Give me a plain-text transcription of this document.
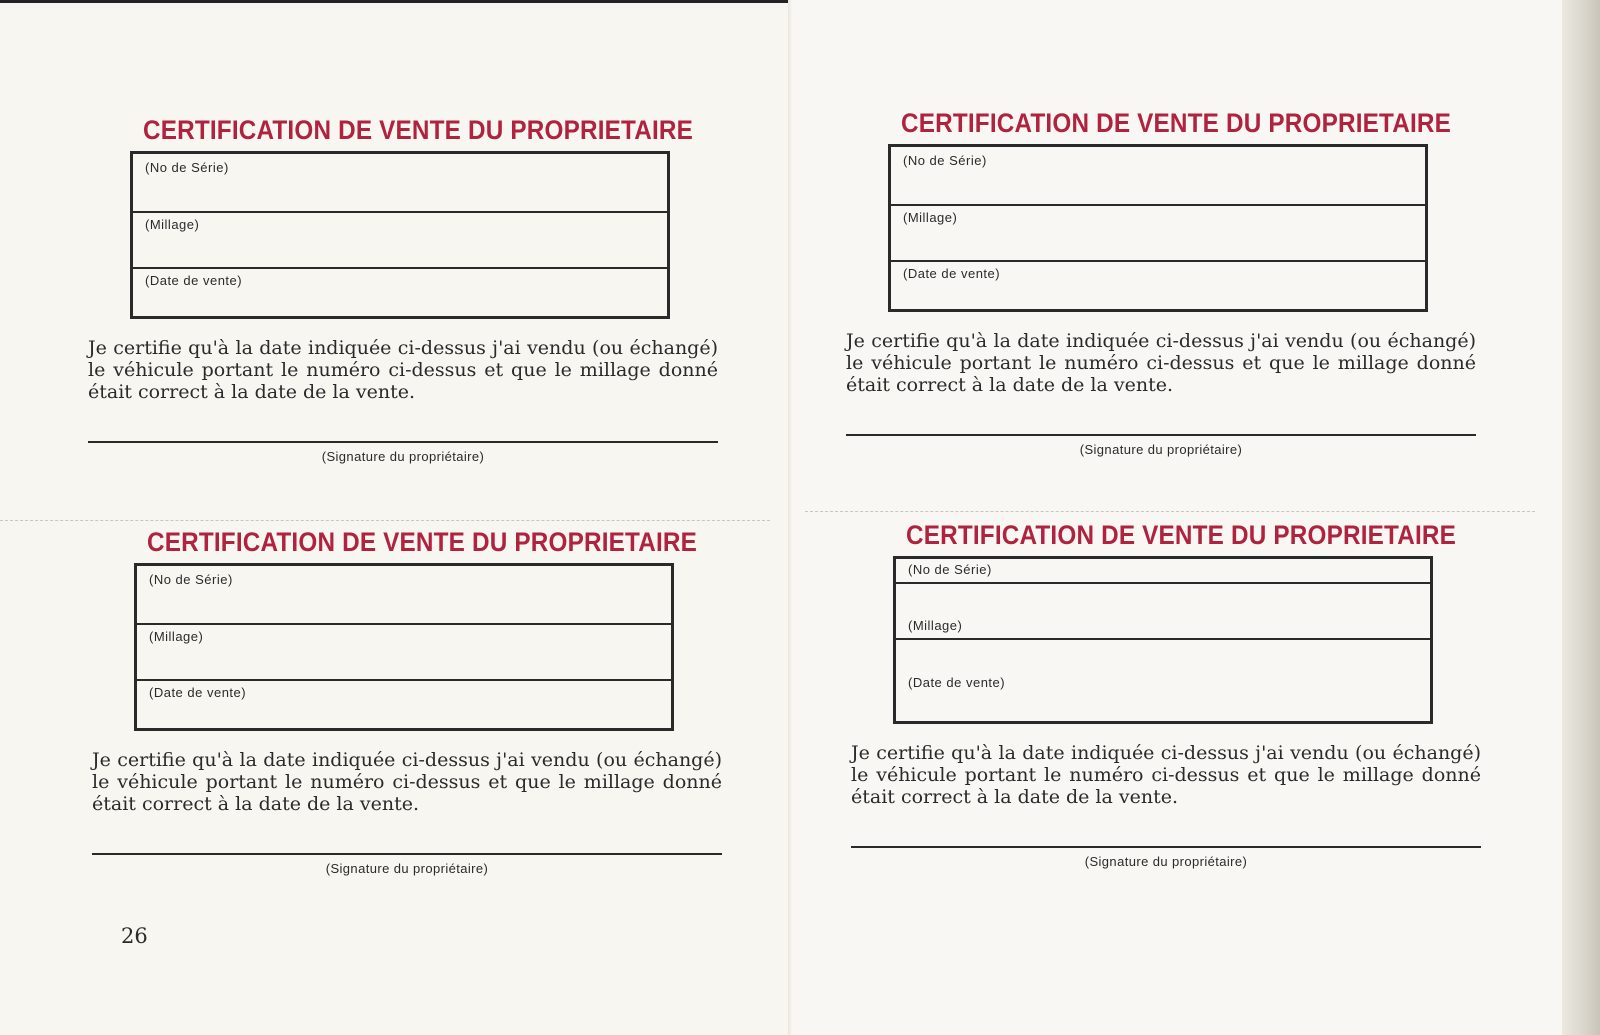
CERTIFICATION DE VENTE DU PROPRIETAIRE
(No de Série)
(Millage)
(Date de vente)
Je certifie qu'à la date indiquée ci-dessus j'ai vendu (ou échangé) le véhicule portant le numéro ci-dessus et que le millage donné était correct à la date de la vente.
(Signature du propriétaire)
CERTIFICATION DE VENTE DU PROPRIETAIRE
(No de Série)
(Millage)
(Date de vente)
Je certifie qu'à la date indiquée ci-dessus j'ai vendu (ou échangé) le véhicule portant le numéro ci-dessus et que le millage donné était correct à la date de la vente.
(Signature du propriétaire)
CERTIFICATION DE VENTE DU PROPRIETAIRE
(No de Série)
(Millage)
(Date de vente)
Je certifie qu'à la date indiquée ci-dessus j'ai vendu (ou échangé) le véhicule portant le numéro ci-dessus et que le millage donné était correct à la date de la vente.
(Signature du propriétaire)
CERTIFICATION DE VENTE DU PROPRIETAIRE
(No de Série)
(Millage)
(Date de vente)
Je certifie qu'à la date indiquée ci-dessus j'ai vendu (ou échangé) le véhicule portant le numéro ci-dessus et que le millage donné était correct à la date de la vente.
(Signature du propriétaire)
26
